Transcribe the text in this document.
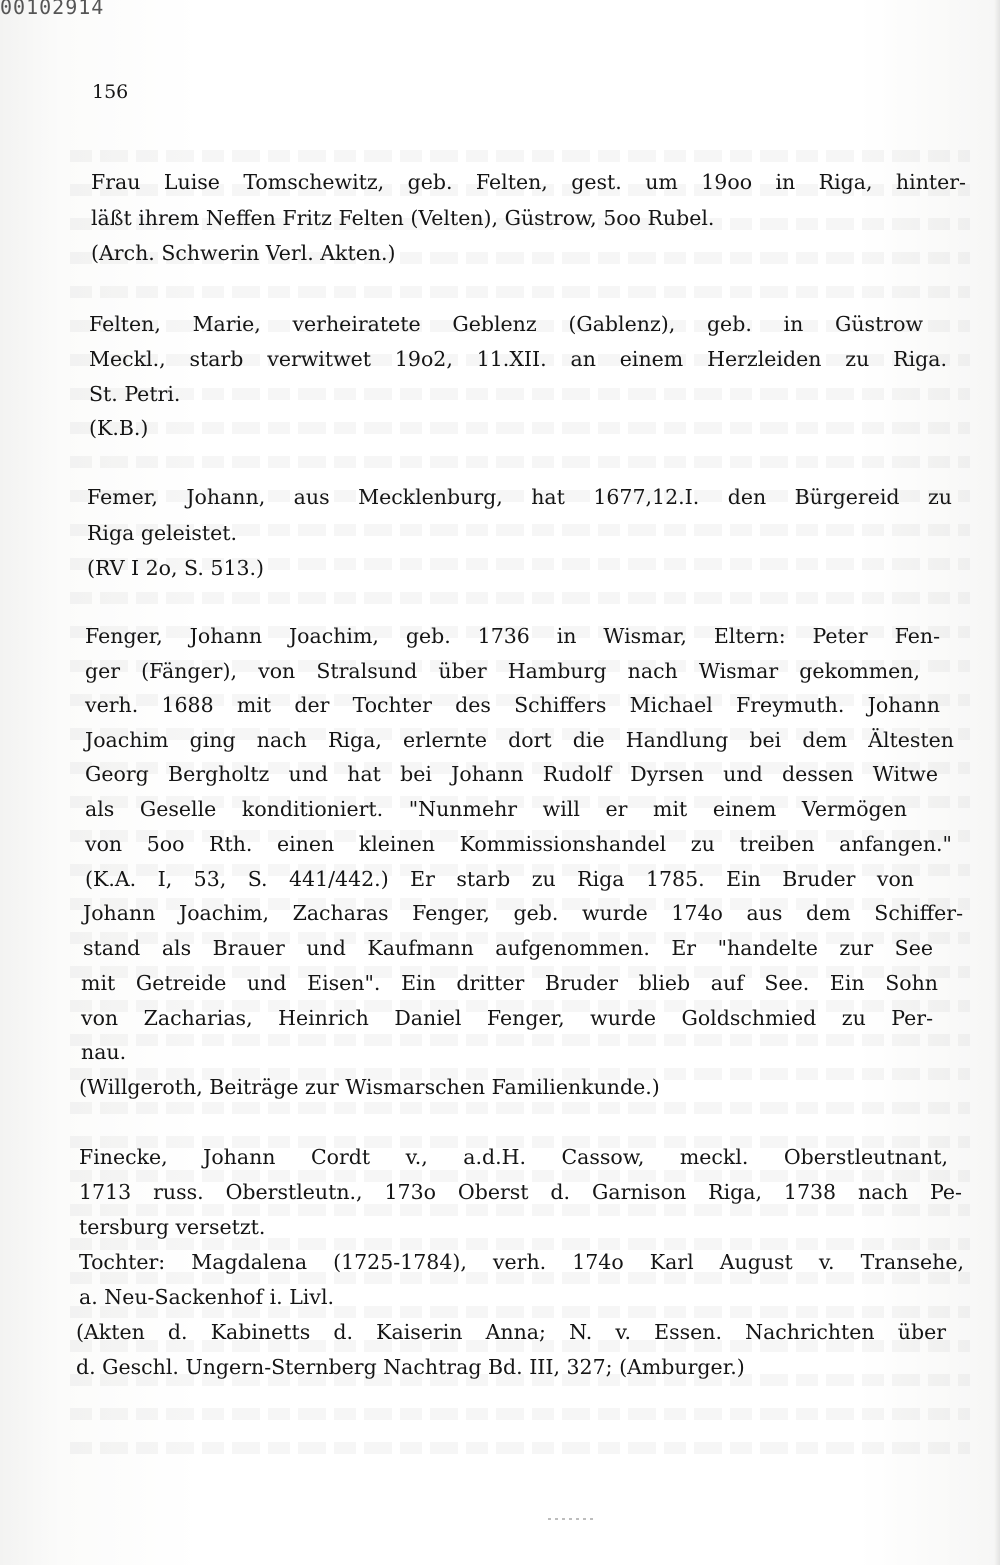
00102914
156
Frau Luise Tomschewitz, geb. Felten, gest. um 19oo in Riga, hinter-
läßt ihrem Neffen Fritz Felten (Velten), Güstrow, 5oo Rubel.
(Arch. Schwerin Verl. Akten.)
Felten, Marie, verheiratete Geblenz (Gablenz), geb. in Güstrow
Meckl., starb verwitwet 19o2, 11.XII. an einem Herzleiden zu Riga.
St. Petri.
(K.B.)
Femer, Johann, aus Mecklenburg, hat 1677,12.I. den Bürgereid zu
Riga geleistet.
(RV I 2o, S. 513.)
Fenger, Johann Joachim, geb. 1736 in Wismar, Eltern: Peter Fen-
ger (Fänger), von Stralsund über Hamburg nach Wismar gekommen,
verh. 1688 mit der Tochter des Schiffers Michael Freymuth. Johann
Joachim ging nach Riga, erlernte dort die Handlung bei dem Ältesten
Georg Bergholtz und hat bei Johann Rudolf Dyrsen und dessen Witwe
als Geselle konditioniert. "Nunmehr will er mit einem Vermögen
von 5oo Rth. einen kleinen Kommissionshandel zu treiben anfangen."
(K.A. I, 53, S. 441/442.) Er starb zu Riga 1785. Ein Bruder von
Johann Joachim, Zacharas Fenger, geb. wurde 174o aus dem Schiffer-
stand als Brauer und Kaufmann aufgenommen. Er "handelte zur See
mit Getreide und Eisen". Ein dritter Bruder blieb auf See. Ein Sohn
von Zacharias, Heinrich Daniel Fenger, wurde Goldschmied zu Per-
nau.
(Willgeroth, Beiträge zur Wismarschen Familienkunde.)
Finecke, Johann Cordt v., a.d.H. Cassow, meckl. Oberstleutnant,
1713 russ. Oberstleutn., 173o Oberst d. Garnison Riga, 1738 nach Pe-
tersburg versetzt.
Tochter: Magdalena (1725-1784), verh. 174o Karl August v. Transehe,
a. Neu-Sackenhof i. Livl.
(Akten d. Kabinetts d. Kaiserin Anna; N. v. Essen. Nachrichten über
d. Geschl. Ungern-Sternberg Nachtrag Bd. III, 327; (Amburger.)
